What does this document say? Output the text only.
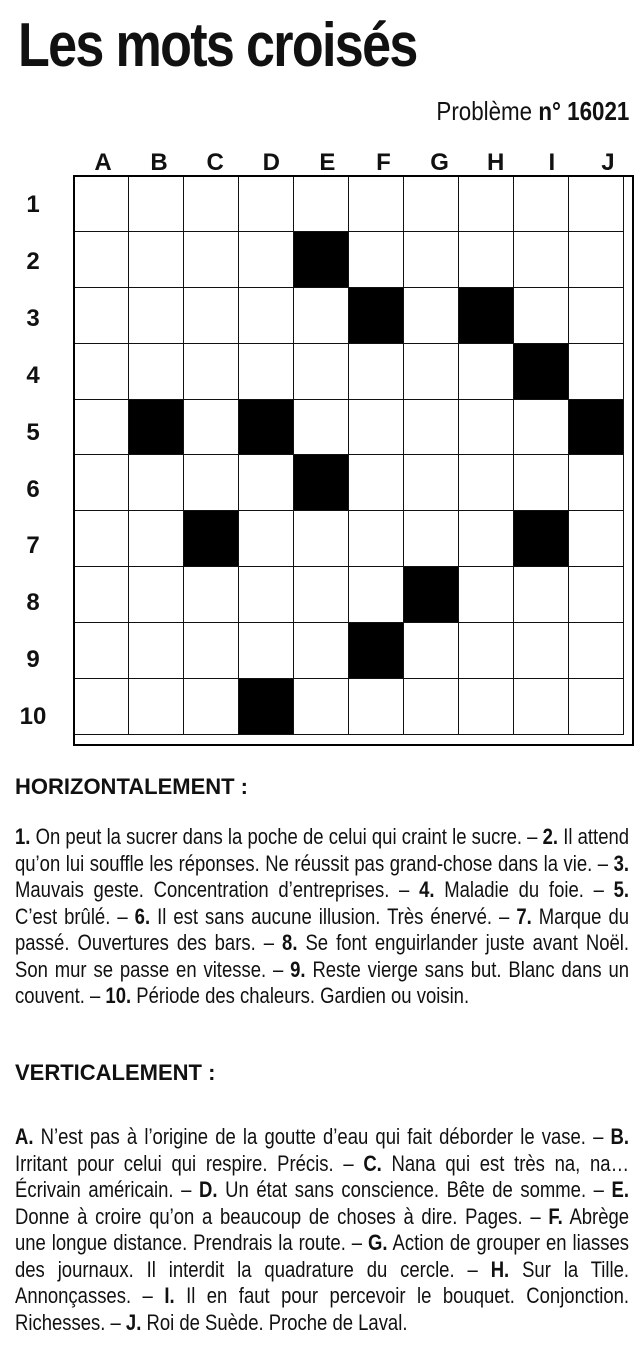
Les mots croisés
Problème n° 16021
A	B	C	D	E	F	G	H	I	J
1
2
3
4
5
6
7
8
9
10

HORIZONTALEMENT :

1. On peut la sucrer dans la poche de celui qui craint le sucre. – 2. Il attend qu’on lui souffle les réponses. Ne réussit pas grand-chose dans la vie. – 3. Mauvais geste. Concentration d’entreprises. – 4. Maladie du foie. – 5. C’est brûlé. – 6. Il est sans aucune illusion. Très énervé. – 7. Marque du passé. Ouvertures des bars. – 8. Se font enguirlander juste avant Noël. Son mur se passe en vitesse. – 9. Reste vierge sans but. Blanc dans un couvent. – 10. Période des chaleurs. Gardien ou voisin.

VERTICALEMENT :

A. N’est pas à l’origine de la goutte d’eau qui fait déborder le vase. – B. Irritant pour celui qui respire. Précis. – C. Nana qui est très na, na… Écrivain américain. – D. Un état sans conscience. Bête de somme. – E. Donne à croire qu’on a beaucoup de choses à dire. Pages. – F. Abrège une longue distance. Prendrais la route. – G. Action de grouper en liasses des journaux. Il interdit la quadrature du cercle. – H. Sur la Tille. Annonçasses. – I. Il en faut pour percevoir le bouquet. Conjonction. Richesses. – J. Roi de Suède. Proche de Laval.
